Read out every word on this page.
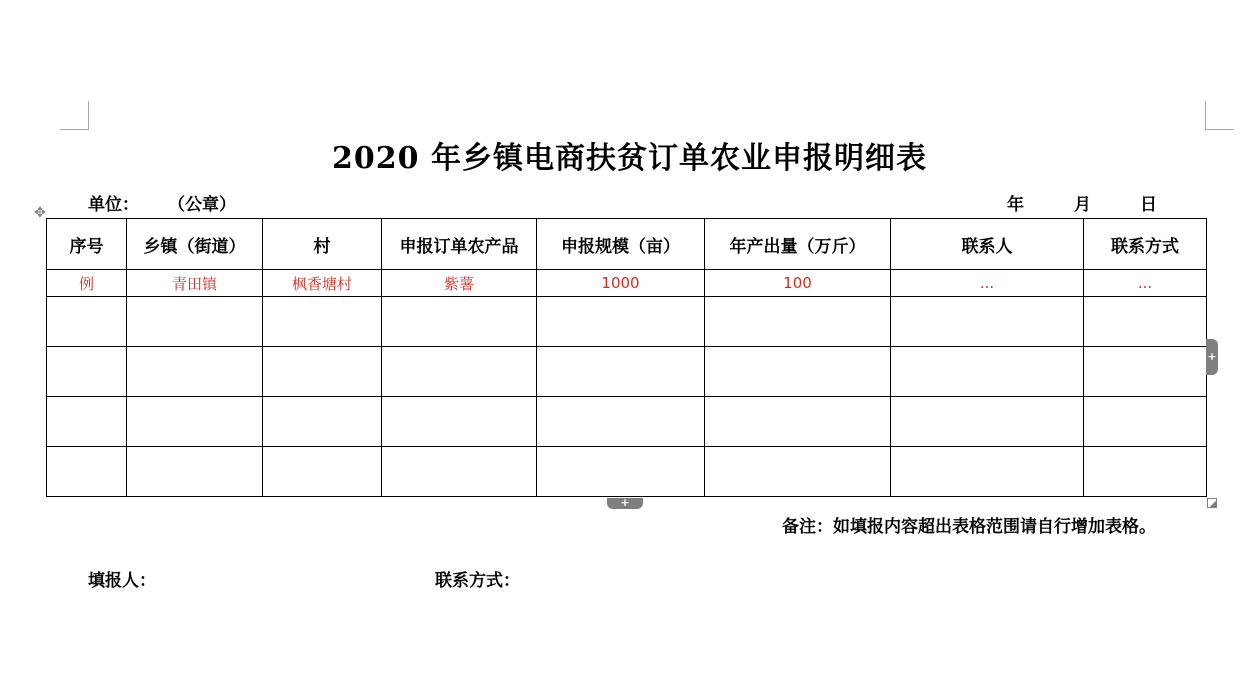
2020 年乡镇电商扶贫订单农业申报明细表
单位： （公章）	年	月	日
✥
序号	乡镇（街道）	村	申报订单农产品	申报规模（亩）	年产出量（万斤）	联系人	联系方式
例	青田镇	枫香塘村	紫薯	1000	100	...	...

+
+
备注：如填报内容超出表格范围请自行增加表格。
填报人：	联系方式：
